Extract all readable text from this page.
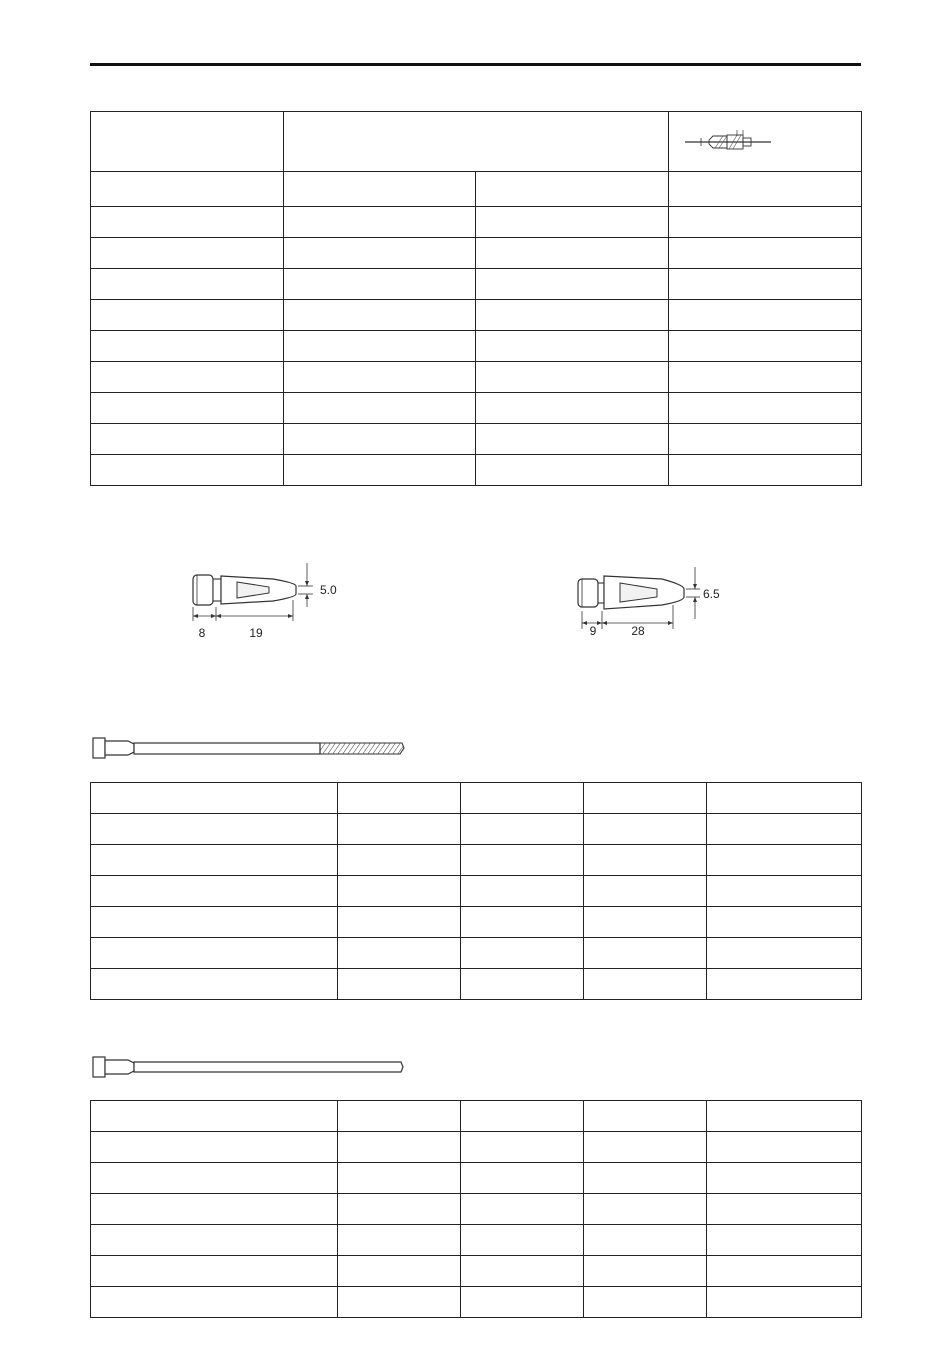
5.0
8	19
6.5
9	28
